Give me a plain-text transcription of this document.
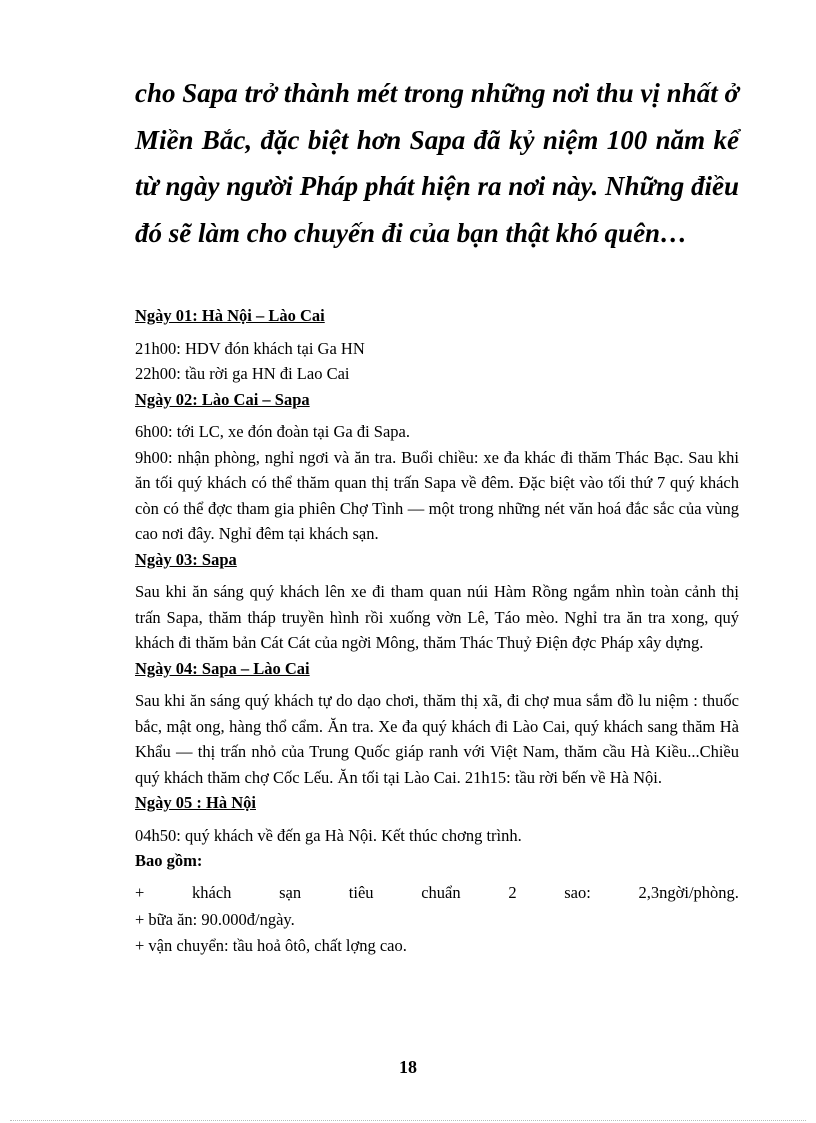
cho Sapa trở thành mét trong những nơi thu vị nhất ở Miền Bắc, đặc biệt hơn Sapa đã kỷ niệm 100 năm kể từ ngày người Pháp phát hiện ra nơi này. Những điều đó sẽ làm cho chuyến đi của bạn thật khó quên…

Ngày 01: Hà Nội – Lào Cai

21h00: HDV đón khách tại Ga HN

22h00: tầu rời ga HN đi Lao Cai

Ngày 02: Lào Cai – Sapa

6h00: tới LC, xe đón đoàn tại Ga đi Sapa.

9h00: nhận phòng, nghỉ ngơi và ăn tra. Buổi chiều: xe đa khác đi thăm Thác Bạc. Sau khi ăn tối quý khách có thể thăm quan thị trấn Sapa về đêm. Đặc biệt vào tối thứ 7 quý khách còn có thể đợc tham gia phiên Chợ Tình — một trong những nét văn hoá đắc sắc của vùng cao nơi đây. Nghỉ đêm tại khách sạn.

Ngày 03: Sapa

Sau khi ăn sáng quý khách lên xe đi tham quan núi Hàm Rồng ngắm nhìn toàn cảnh thị trấn Sapa, thăm tháp truyền hình rồi xuống vờn Lê, Táo mèo. Nghỉ tra ăn tra xong, quý khách đi thăm bản Cát Cát của ngời Mông, thăm Thác Thuỷ Điện đợc Pháp xây dựng.

Ngày 04: Sapa – Lào Cai

Sau khi ăn sáng quý khách tự do dạo chơi, thăm thị xã, đi chợ mua sắm đồ lu niệm : thuốc bắc, mật ong, hàng thổ cẩm. Ăn tra. Xe đa quý khách đi Lào Cai, quý khách sang thăm Hà Khẩu — thị trấn nhỏ của Trung Quốc giáp ranh với Việt Nam, thăm cầu Hà Kiều...Chiều quý khách thăm chợ Cốc Lếu. Ăn tối tại Lào Cai. 21h15: tầu rời bến về Hà Nội.

Ngày 05 : Hà Nội

04h50: quý khách về đến ga Hà Nội. Kết thúc chơng trình.

Bao gồm:

+	khách	sạn	tiêu	chuẩn	2	sao:	2,3ngời/phòng.

+ bữa ăn: 90.000đ/ngày.

+ vận chuyển: tầu hoả ôtô, chất lợng cao.

18
